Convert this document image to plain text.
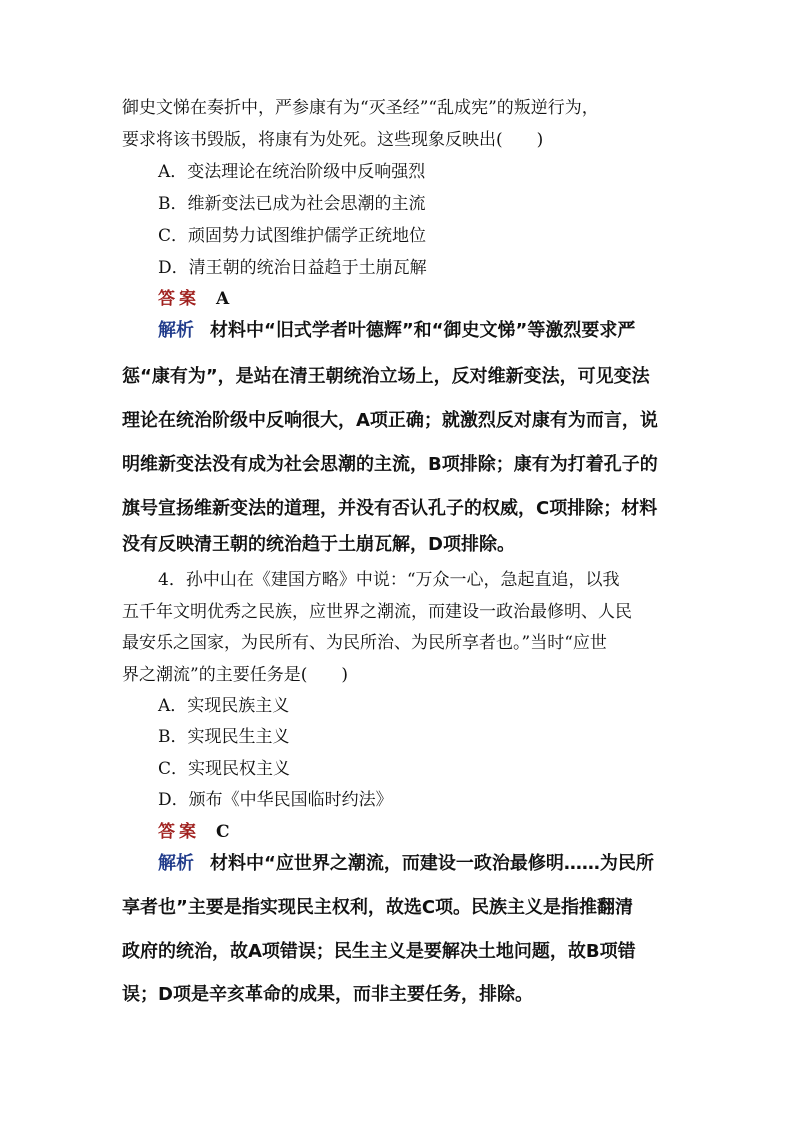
御史文悌在奏折中，严参康有为“灭圣经”“乱成宪”的叛逆行为，
要求将该书毁版，将康有为处死。这些现象反映出(　　)
A．变法理论在统治阶级中反响强烈
B．维新变法已成为社会思潮的主流
C．顽固势力试图维护儒学正统地位
D．清王朝的统治日益趋于土崩瓦解
答案 A
解析 材料中“旧式学者叶德辉”和“御史文悌”等激烈要求严
惩“康有为”，是站在清王朝统治立场上，反对维新变法，可见变法
理论在统治阶级中反响很大，A项正确；就激烈反对康有为而言，说
明维新变法没有成为社会思潮的主流，B项排除；康有为打着孔子的
旗号宣扬维新变法的道理，并没有否认孔子的权威，C项排除；材料
没有反映清王朝的统治趋于土崩瓦解，D项排除。
4．孙中山在《建国方略》中说：“万众一心，急起直追，以我
五千年文明优秀之民族，应世界之潮流，而建设一政治最修明、人民
最安乐之国家，为民所有、为民所治、为民所享者也。”当时“应世
界之潮流”的主要任务是(　　)
A．实现民族主义
B．实现民生主义
C．实现民权主义
D．颁布《中华民国临时约法》
答案 C
解析 材料中“应世界之潮流，而建设一政治最修明……为民所
享者也”主要是指实现民主权利，故选C项。民族主义是指推翻清
政府的统治，故A项错误；民生主义是要解决土地问题，故B项错
误；D项是辛亥革命的成果，而非主要任务，排除。
